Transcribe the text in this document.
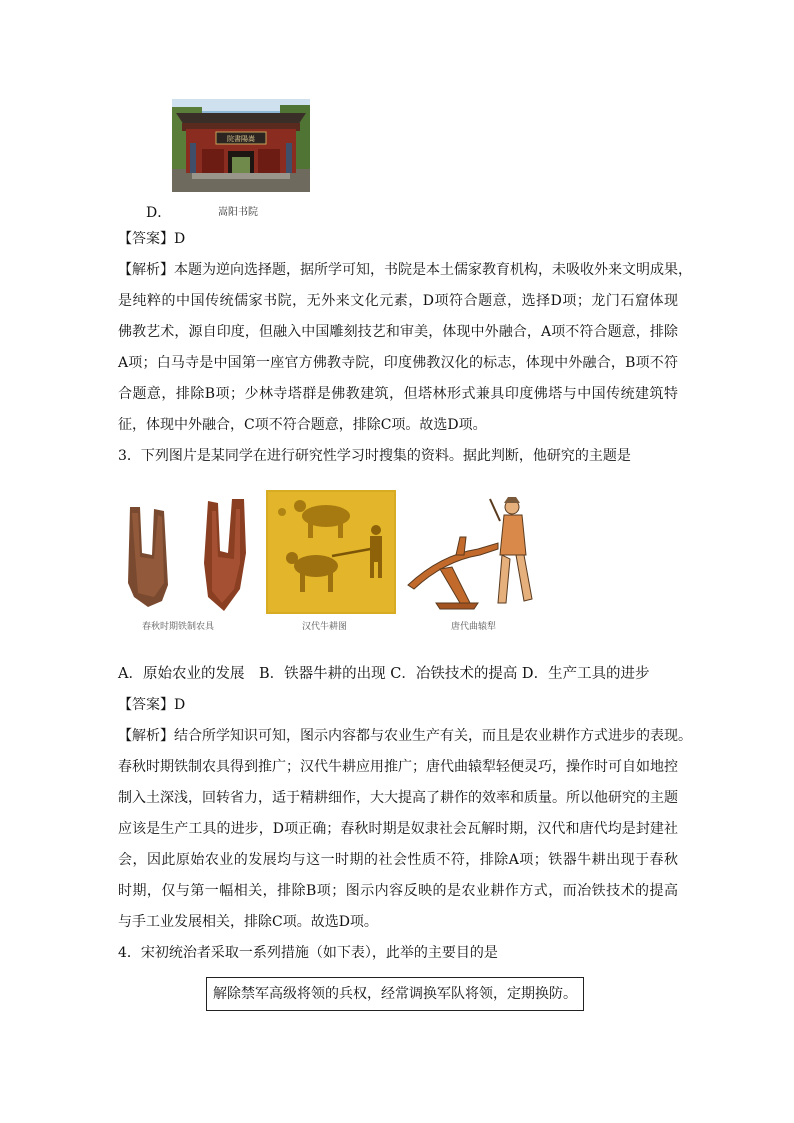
院書陽嵩
D．	嵩阳书院
【答案】D
【解析】本题为逆向选择题，据所学可知，书院是本土儒家教育机构，未吸收外来文明成果，
是纯粹的中国传统儒家书院，无外来文化元素，D项符合题意，选择D项；龙门石窟体现
佛教艺术，源自印度，但融入中国雕刻技艺和审美，体现中外融合，A项不符合题意，排除
A项；白马寺是中国第一座官方佛教寺院，印度佛教汉化的标志，体现中外融合，B项不符
合题意，排除B项；少林寺塔群是佛教建筑，但塔林形式兼具印度佛塔与中国传统建筑特
征，体现中外融合，C项不符合题意，排除C项。故选D项。
3．下列图片是某同学在进行研究性学习时搜集的资料。据此判断，他研究的主题是
春秋时期铁制农具	汉代牛耕图	唐代曲辕犁
A．原始农业的发展　B．铁器牛耕的出现 C．冶铁技术的提高 D．生产工具的进步
【答案】D
【解析】结合所学知识可知，图示内容都与农业生产有关，而且是农业耕作方式进步的表现。
春秋时期铁制农具得到推广；汉代牛耕应用推广；唐代曲辕犁轻便灵巧，操作时可自如地控
制入土深浅，回转省力，适于精耕细作，大大提高了耕作的效率和质量。所以他研究的主题
应该是生产工具的进步，D项正确；春秋时期是奴隶社会瓦解时期，汉代和唐代均是封建社
会，因此原始农业的发展均与这一时期的社会性质不符，排除A项；铁器牛耕出现于春秋
时期，仅与第一幅相关，排除B项；图示内容反映的是农业耕作方式，而冶铁技术的提高
与手工业发展相关，排除C项。故选D项。
4．宋初统治者采取一系列措施（如下表），此举的主要目的是
解除禁军高级将领的兵权，经常调换军队将领，定期换防。
